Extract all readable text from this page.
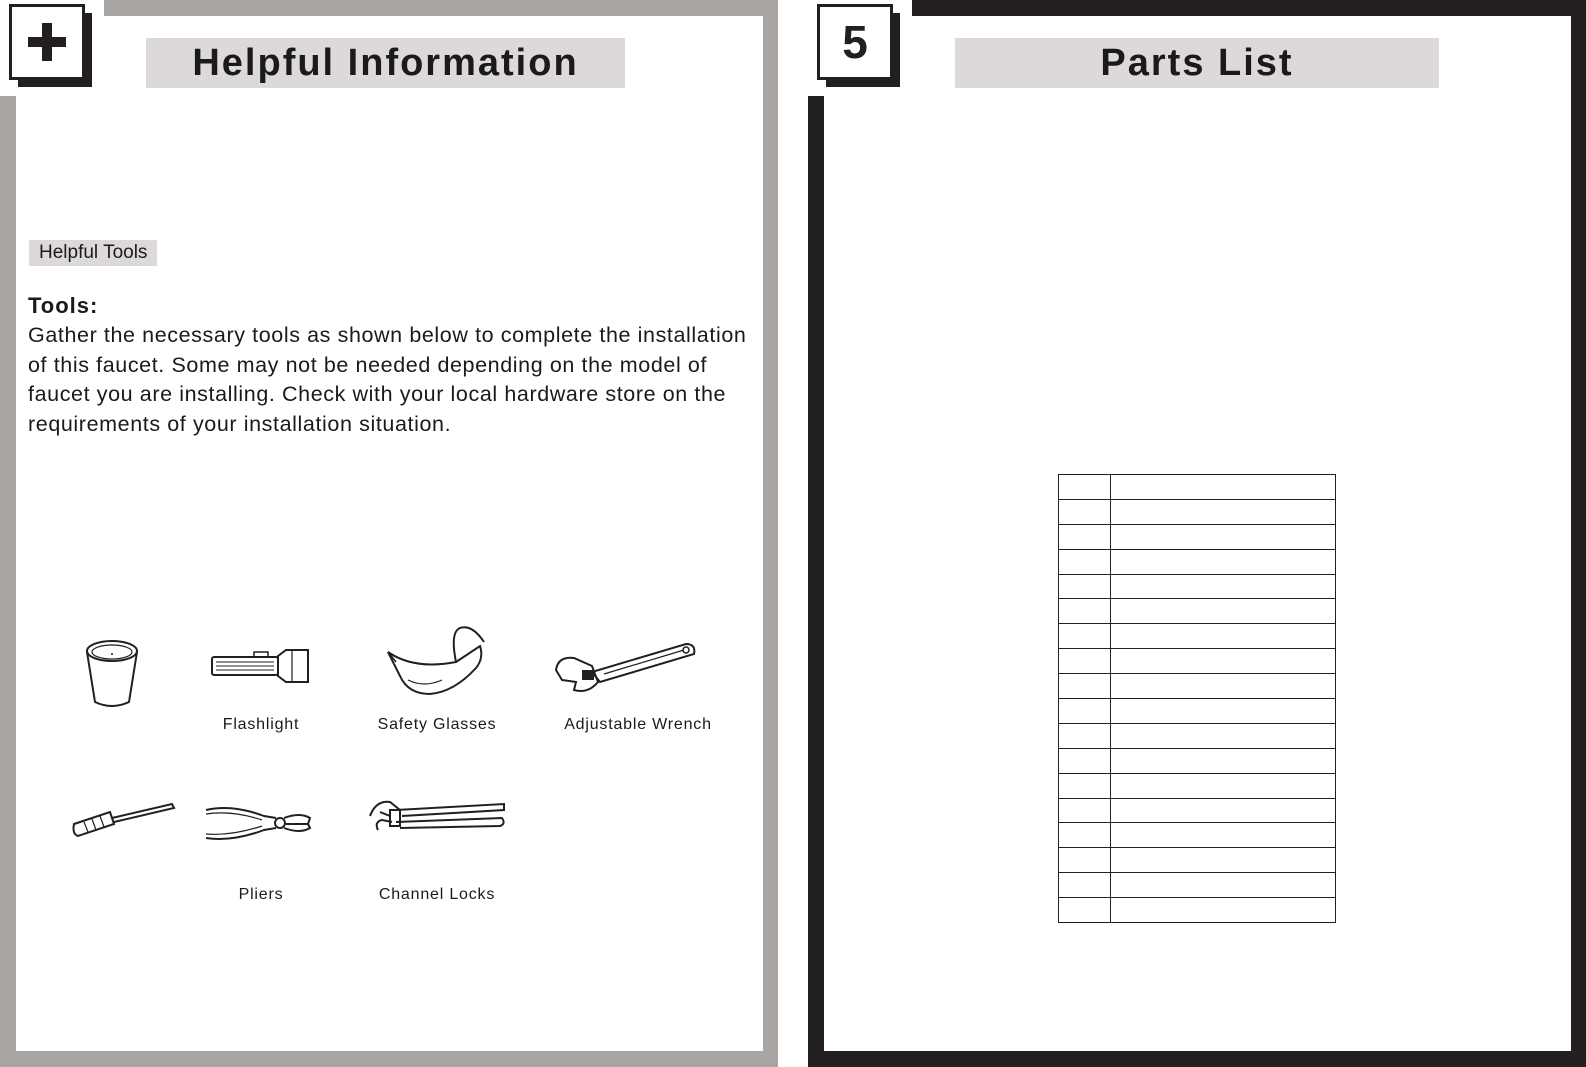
Helpful Information
Helpful Tools
Tools:
Gather the necessary tools as shown below to complete the installation of this faucet. Some may not be needed depending on the model of faucet you are installing. Check with your local hardware store on the requirements of your installation situation.
Flashlight	Safety Glasses	Adjustable Wrench
Pliers	Channel Locks
5	Parts List
